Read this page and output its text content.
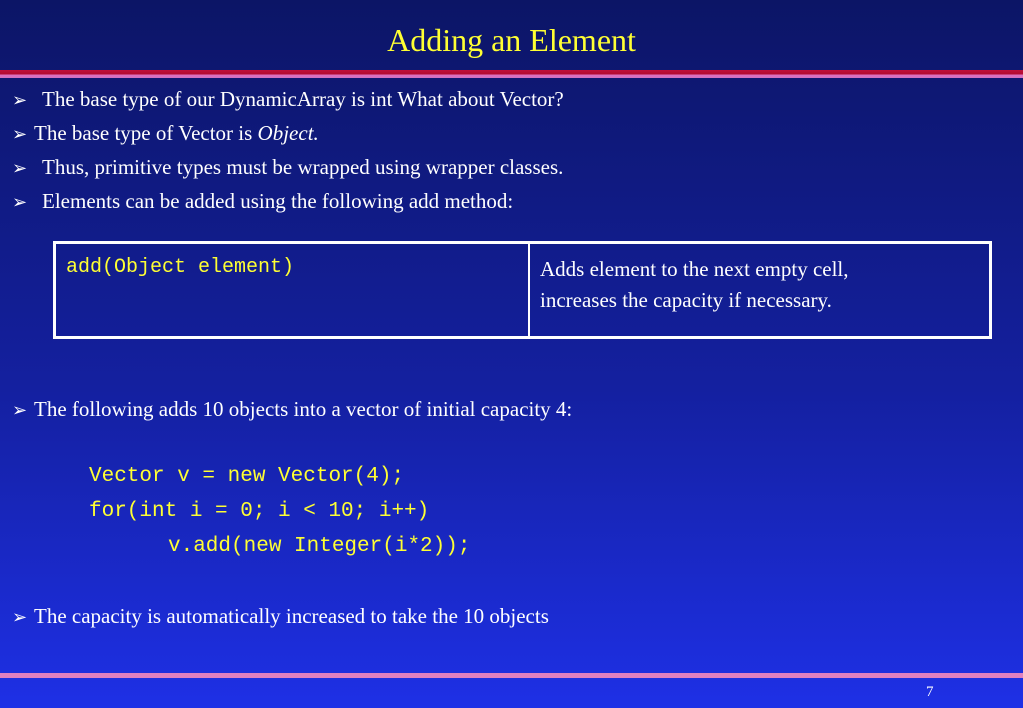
Adding an Element
➢ The base type of our DynamicArray is int What about Vector?
➢ The base type of Vector is Object.
➢ Thus, primitive types must be wrapped using wrapper classes.
➢ Elements can be added using the following add method:
add(Object element)	Adds element to the next empty cell,
increases the capacity if necessary.
➢ The following adds 10 objects into a vector of initial capacity 4:
Vector v = new Vector(4);
for(int i = 0; i < 10; i++)
v.add(new Integer(i*2));
➢ The capacity is automatically increased to take the 10 objects
7
